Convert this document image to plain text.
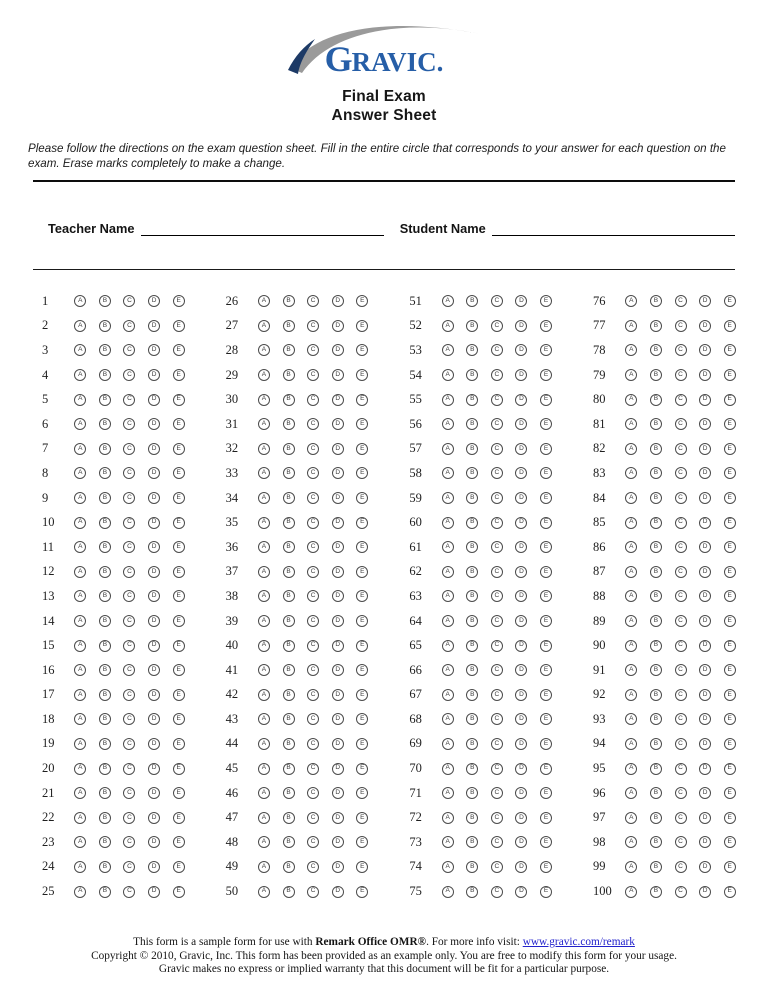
GRAVIC.
Final Exam
Answer Sheet

Please follow the directions on the exam question sheet. Fill in the entire circle that corresponds to your answer for each question on the exam. Erase marks completely to make a change.

Teacher Name	Student Name
1	A	B	C	D	E
2	A	B	C	D	E
3	A	B	C	D	E
4	A	B	C	D	E
5	A	B	C	D	E
6	A	B	C	D	E
7	A	B	C	D	E
8	A	B	C	D	E
9	A	B	C	D	E
10	A	B	C	D	E
11	A	B	C	D	E
12	A	B	C	D	E
13	A	B	C	D	E
14	A	B	C	D	E
15	A	B	C	D	E
16	A	B	C	D	E
17	A	B	C	D	E
18	A	B	C	D	E
19	A	B	C	D	E
20	A	B	C	D	E
21	A	B	C	D	E
22	A	B	C	D	E
23	A	B	C	D	E
24	A	B	C	D	E
25	A	B	C	D	E
26	A	B	C	D	E
27	A	B	C	D	E
28	A	B	C	D	E
29	A	B	C	D	E
30	A	B	C	D	E
31	A	B	C	D	E
32	A	B	C	D	E
33	A	B	C	D	E
34	A	B	C	D	E
35	A	B	C	D	E
36	A	B	C	D	E
37	A	B	C	D	E
38	A	B	C	D	E
39	A	B	C	D	E
40	A	B	C	D	E
41	A	B	C	D	E
42	A	B	C	D	E
43	A	B	C	D	E
44	A	B	C	D	E
45	A	B	C	D	E
46	A	B	C	D	E
47	A	B	C	D	E
48	A	B	C	D	E
49	A	B	C	D	E
50	A	B	C	D	E
51	A	B	C	D	E
52	A	B	C	D	E
53	A	B	C	D	E
54	A	B	C	D	E
55	A	B	C	D	E
56	A	B	C	D	E
57	A	B	C	D	E
58	A	B	C	D	E
59	A	B	C	D	E
60	A	B	C	D	E
61	A	B	C	D	E
62	A	B	C	D	E
63	A	B	C	D	E
64	A	B	C	D	E
65	A	B	C	D	E
66	A	B	C	D	E
67	A	B	C	D	E
68	A	B	C	D	E
69	A	B	C	D	E
70	A	B	C	D	E
71	A	B	C	D	E
72	A	B	C	D	E
73	A	B	C	D	E
74	A	B	C	D	E
75	A	B	C	D	E
76	A	B	C	D	E
77	A	B	C	D	E
78	A	B	C	D	E
79	A	B	C	D	E
80	A	B	C	D	E
81	A	B	C	D	E
82	A	B	C	D	E
83	A	B	C	D	E
84	A	B	C	D	E
85	A	B	C	D	E
86	A	B	C	D	E
87	A	B	C	D	E
88	A	B	C	D	E
89	A	B	C	D	E
90	A	B	C	D	E
91	A	B	C	D	E
92	A	B	C	D	E
93	A	B	C	D	E
94	A	B	C	D	E
95	A	B	C	D	E
96	A	B	C	D	E
97	A	B	C	D	E
98	A	B	C	D	E
99	A	B	C	D	E
100	A	B	C	D	E
This form is a sample form for use with Remark Office OMR®. For more info visit: www.gravic.com/remark
Copyright © 2010, Gravic, Inc. This form has been provided as an example only. You are free to modify this form for your usage.
Gravic makes no express or implied warranty that this document will be fit for a particular purpose.
